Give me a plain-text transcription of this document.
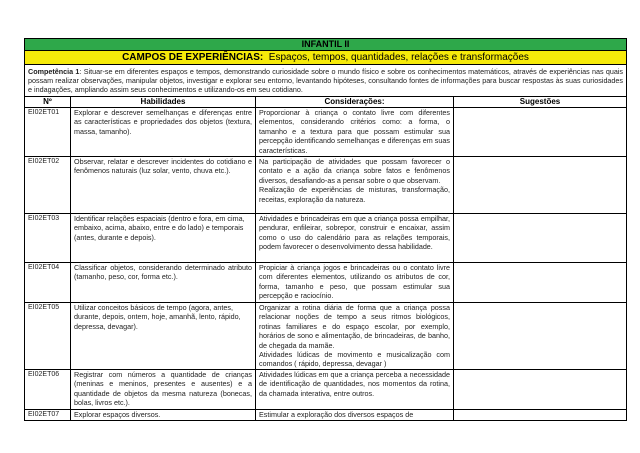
INFANTIL II			
CAMPOS DE EXPERIÊNCIAS: Espaços, tempos, quantidades, relações e transformações			
Competência 1: Situar-se em diferentes espaços e tempos, demonstrando curiosidade sobre o mundo físico e sobre os conhecimentos matemáticos, através de experiências nas quais possam realizar observações, manipular objetos, investigar e explorar seu entorno, levantando hipóteses, consultando fontes de informações para buscar respostas às suas curiosidades e indagações, ampliando assim seus conhecimentos e utilizando-os em seu cotidiano.			
Nº	Habilidades	Considerações:	Sugestões
EI02ET01	Explorar e descrever semelhanças e diferenças entre as características e propriedades dos objetos (textura, massa, tamanho).	Proporcionar à criança o contato livre com diferentes elementos, considerando critérios como: a forma, o tamanho e a textura para que possam estimular sua percepção identificando semelhanças e diferenças em suas características.	
EI02ET02	Observar, relatar e descrever incidentes do cotidiano e fenômenos naturais (luz solar, vento, chuva etc.).	Na participação de atividades que possam favorecer o contato e a ação da criança sobre fatos e fenômenos diversos, desafiando-as a pensar sobre o que observam.
Realização de experiências de misturas, transformação, receitas, exploração da natureza.	

EI02ET03	Identificar relações espaciais (dentro e fora, em cima, embaixo, acima, abaixo, entre e do lado) e temporais (antes, durante e depois).	Atividades e brincadeiras em que a criança possa empilhar, pendurar, enfileirar, sobrepor, construir e encaixar, assim como o uso do calendário para as relações temporais, podem favorecer o desenvolvimento dessa habilidade.	
EI02ET04	Classificar objetos, considerando determinado atributo (tamanho, peso, cor, forma etc.).	Propiciar à criança jogos e brincadeiras ou o contato livre com diferentes elementos, utilizando os atributos de cor, forma, tamanho e peso, que possam estimular sua percepção e raciocínio.	
EI02ET05	Utilizar conceitos básicos de tempo (agora, antes, durante, depois, ontem, hoje, amanhã, lento, rápido, depressa, devagar).	Organizar a rotina diária de forma que a criança possa relacionar noções de tempo a seus ritmos biológicos, rotinas familiares e do espaço escolar, por exemplo, horários de sono e alimentação, de brincadeiras, de banho, de chegada da mamãe.
Atividades lúdicas de movimento e musicalização com comandos ( rápido, depressa, devagar )	

EI02ET06	Registrar com números a quantidade de crianças (meninas e meninos, presentes e ausentes) e a quantidade de objetos da mesma natureza (bonecas, bolas, livros etc.).	Atividades lúdicas em que a criança perceba a necessidade de identificação de quantidades, nos momentos da rotina, da chamada interativa, entre outros.	
EI02ET07	Explorar espaços diversos.	Estimular a exploração dos diversos espaços de	
